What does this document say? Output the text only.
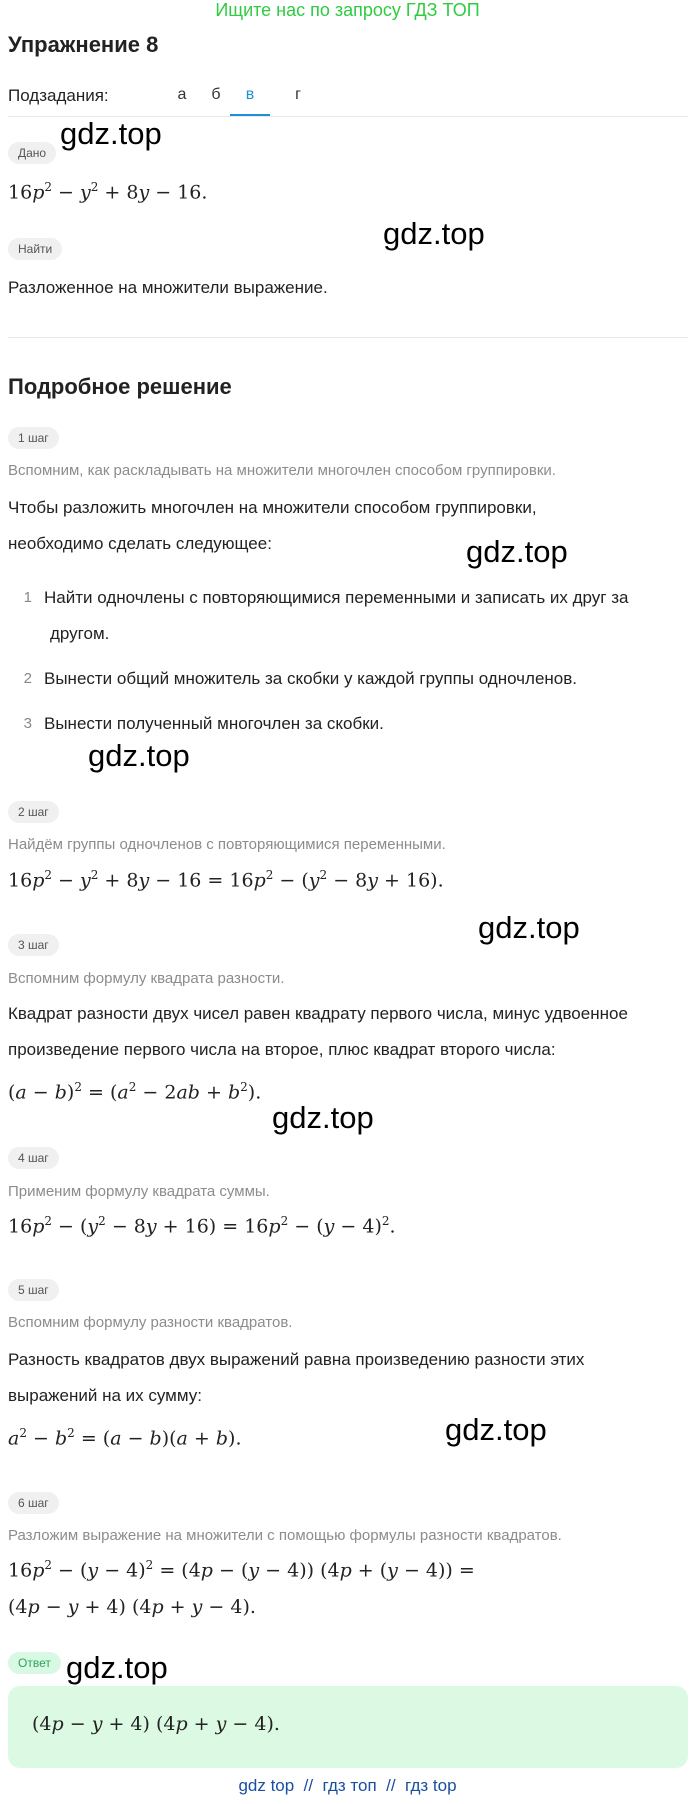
Ищите нас по запросу ГДЗ ТОП
Упражнение 8
Подзадания:	а	б	в	г
Дано
gdz.top
$16p^2 - y^2 + 8y - 16$.
Найти	gdz.top
Разложенное на множители выражение.
Подробное решение
1 шаг
Вспомним, как раскладывать на множители многочлен способом группировки.
Чтобы разложить многочлен на множители способом группировки,
необходимо сделать следующее:	gdz.top
1 Найти одночлены с повторяющимися переменными и записать их друг за
другом.
2 Вынести общий множитель за скобки у каждой группы одночленов.
3 Вынести полученный многочлен за скобки.
gdz.top
2 шаг
Найдём группы одночленов с повторяющимися переменными.
$16p^2 - y^2 + 8y - 16 = 16p^2 - (y^2 - 8y + 16)$.
gdz.top
3 шаг
Вспомним формулу квадрата разности.
Квадрат разности двух чисел равен квадрату первого числа, минус удвоенное
произведение первого числа на второе, плюс квадрат второго числа:
$(a - b)^2 = (a^2 - 2ab + b^2)$.
gdz.top
4 шаг
Применим формулу квадрата суммы.
$16p^2 - (y^2 - 8y + 16) = 16p^2 - (y - 4)^2$.
5 шаг
Вспомним формулу разности квадратов.
Разность квадратов двух выражений равна произведению разности этих
выражений на их сумму:
$a^2 - b^2 = (a - b)(a + b)$.	gdz.top
6 шаг
Разложим выражение на множители с помощью формулы разности квадратов.
$16p^2 - (y - 4)^2 = (4p - (y - 4)) (4p + (y - 4))$ =
(4p − y + 4) (4p + y − 4).
Ответ gdz.top
(4p − y + 4) (4p + y − 4).
gdz top  //  гдз топ  //  гдз top
